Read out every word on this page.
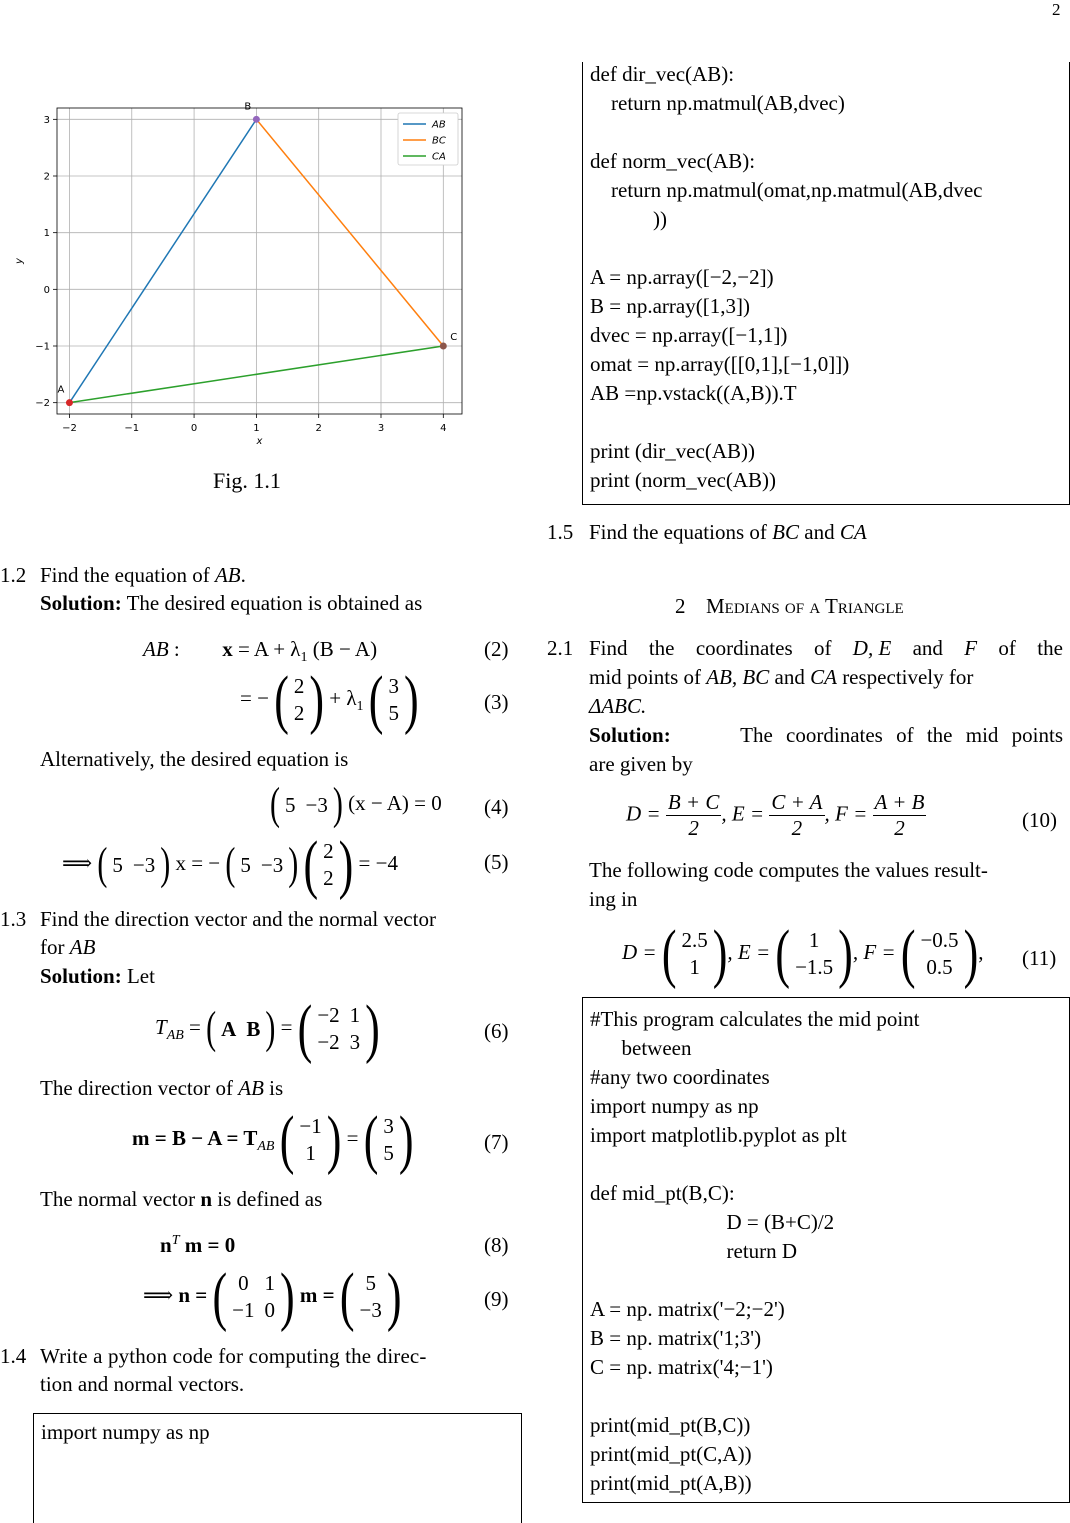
2
−2	−1	0	1	2	3	4
−2
−1
0
1
2
3
x
y
A
B
C
AB
BC
CA
Fig. 1.1
1.2 Find the equation of AB.
Solution: The desired equation is obtained as
AB : $x = A + \lambda_1$ (B − A)	(2)
= − ( 2
2 ) + $\lambda_1$ ( 3
5 )	(3)
Alternatively, the desired equation is
( 5	−3 ) (x − A) = 0 (4)
⟹ ( 5	−3 ) x = − ( 5	−3 )
( 2
2 ) = −4	(5)
1.3 Find the direction vector and the normal vector
for AB
Solution: Let
$T_{AB}$ = ( A	B ) = ( −2	1
−2	3 )	(6)
The direction vector of AB is
$m = B - A = T_{AB}$ ( −1
1 ) = ( 3
5 )	(7)
The normal vector n is defined as
$n^T$ m = 0	(8)
⟹ n = ( 0	1
−1	0 ) m = ( 5
−3 )	(9)
1.4 Write a python code for computing the direc-
tion and normal vectors.
import numpy as np
def dir_vec(AB):
return np.matmul(AB,dvec)
def norm_vec(AB):
return np.matmul(omat,np.matmul(AB,dvec
))
A = np.array([−2,−2])
B = np.array([1,3])
dvec = np.array([−1,1])
omat = np.array([[0,1],[−1,0]])
AB =np.vstack((A,B)).T
print (dir_vec(AB))
print (norm_vec(AB))
1.5 Find the equations of BC and CA
2 Medians of a Triangle
2.1 Find the coordinates of D, E and F of the
mid points of AB, BC and CA respectively for
ΔABC.
Solution:	The coordinates of the mid points
are given by
$D = \frac{B + C}{2}$ , $E = \frac{C + A}{2}$ , $F = \frac{A + B}{2}$	(10)
The following code computes the values result-
ing in
D = ( 2.5
1 ) , E = ( 1
−1.5 ) , F = ( −0.5
0.5 ) , (11)
#This program calculates the mid point
between
#any two coordinates
import numpy as np
import matplotlib.pyplot as plt
def mid_pt(B,C):
D = (B+C)/2
return D
A = np. matrix('−2;−2')
B = np. matrix('1;3')
C = np. matrix('4;−1')
print(mid_pt(B,C))
print(mid_pt(C,A))
print(mid_pt(A,B))
